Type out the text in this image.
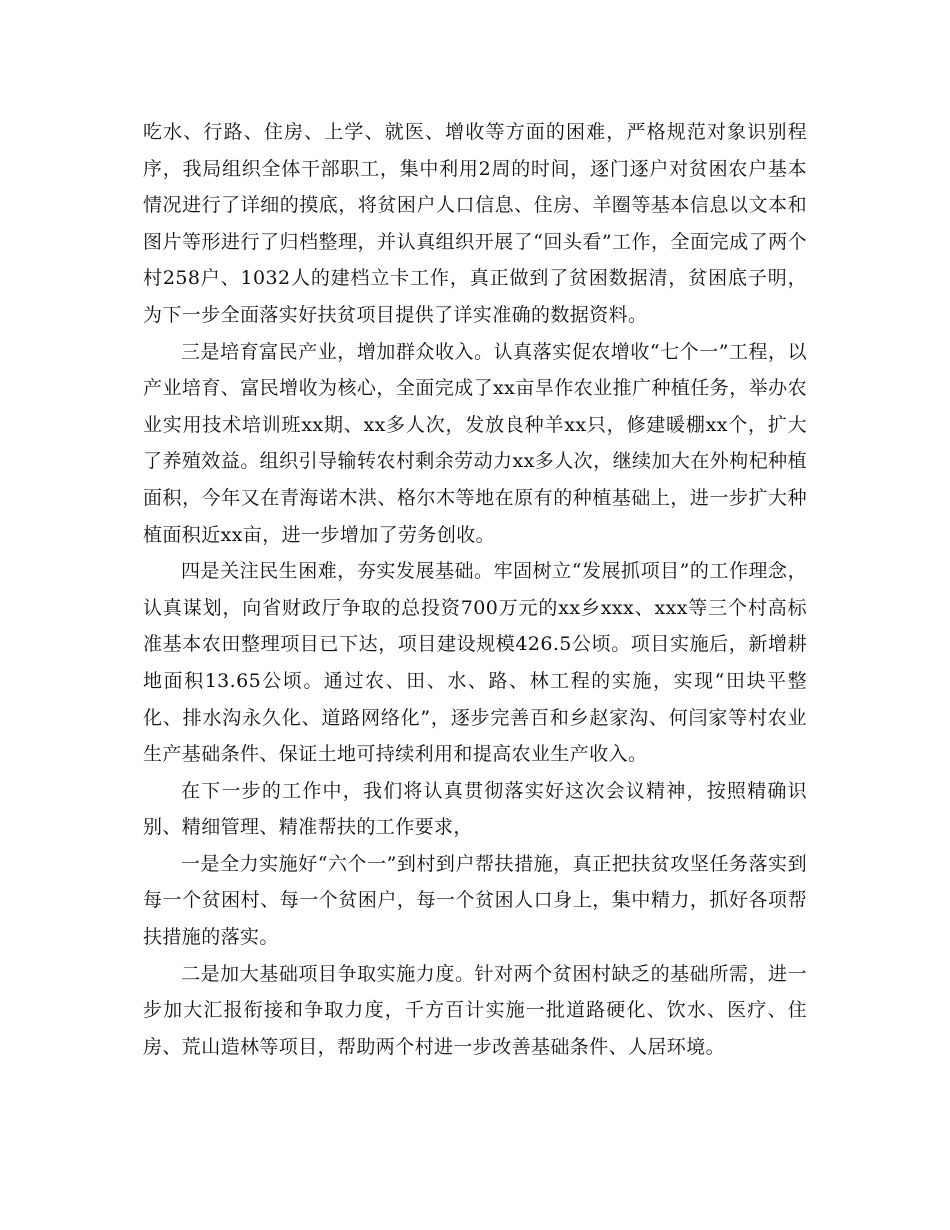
吃水、行路、住房、上学、就医、增收等方面的困难，严格规范对象识别程序，我局组织全体干部职工，集中利用2周的时间，逐门逐户对贫困农户基本情况进行了详细的摸底，将贫困户人口信息、住房、羊圈等基本信息以文本和图片等形进行了归档整理，并认真组织开展了“回头看”工作，全面完成了两个村258户、1032人的建档立卡工作，真正做到了贫困数据清，贫困底子明，为下一步全面落实好扶贫项目提供了详实准确的数据资料。

三是培育富民产业，增加群众收入。认真落实促农增收“七个一”工程，以产业培育、富民增收为核心，全面完成了xx亩旱作农业推广种植任务，举办农业实用技术培训班xx期、xx多人次，发放良种羊xx只，修建暖棚xx个，扩大了养殖效益。组织引导输转农村剩余劳动力xx多人次，继续加大在外枸杞种植面积，今年又在青海诺木洪、格尔木等地在原有的种植基础上，进一步扩大种植面积近xx亩，进一步增加了劳务创收。

四是关注民生困难，夯实发展基础。牢固树立“发展抓项目”的工作理念，认真谋划，向省财政厅争取的总投资700万元的xx乡xxx、xxx等三个村高标准基本农田整理项目已下达，项目建设规模426.5公顷。项目实施后，新增耕地面积13.65公顷。通过农、田、水、路、林工程的实施，实现“田块平整化、排水沟永久化、道路网络化”，逐步完善百和乡赵家沟、何闫家等村农业生产基础条件、保证土地可持续利用和提高农业生产收入。

在下一步的工作中，我们将认真贯彻落实好这次会议精神，按照精确识别、精细管理、精准帮扶的工作要求，

一是全力实施好“六个一”到村到户帮扶措施，真正把扶贫攻坚任务落实到每一个贫困村、每一个贫困户，每一个贫困人口身上，集中精力，抓好各项帮扶措施的落实。

二是加大基础项目争取实施力度。针对两个贫困村缺乏的基础所需，进一步加大汇报衔接和争取力度，千方百计实施一批道路硬化、饮水、医疗、住房、荒山造林等项目，帮助两个村进一步改善基础条件、人居环境。
